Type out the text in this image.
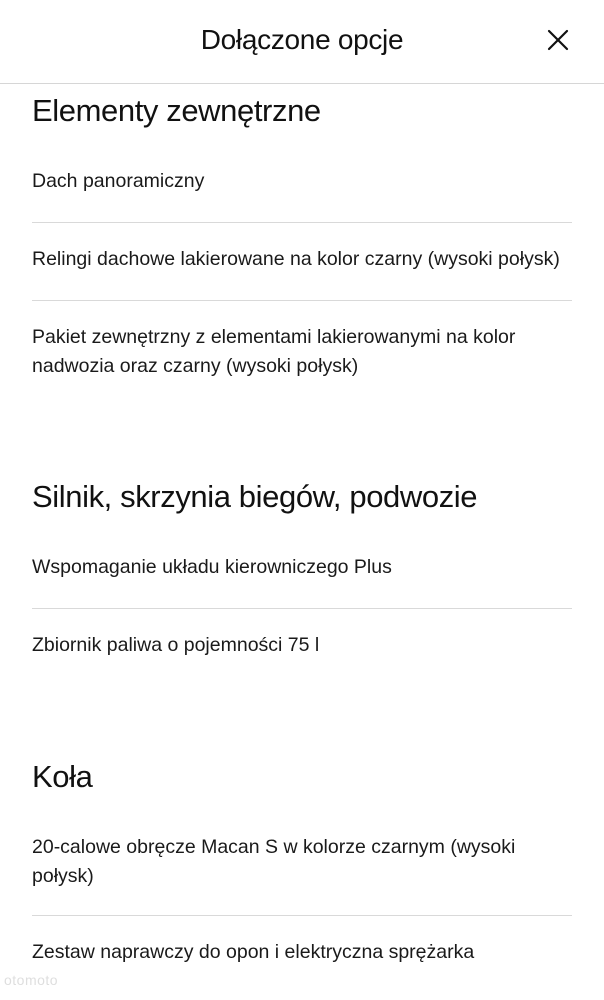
Dołączone opcje
Elementy zewnętrzne
Dach panoramiczny
Relingi dachowe lakierowane na kolor czarny (wysoki połysk)
Pakiet zewnętrzny z elementami lakierowanymi na kolor nadwozia oraz czarny (wysoki połysk)
Silnik, skrzynia biegów, podwozie
Wspomaganie układu kierowniczego Plus
Zbiornik paliwa o pojemności 75 l
Koła
20-calowe obręcze Macan S w kolorze czarnym (wysoki połysk)
Zestaw naprawczy do opon i elektryczna sprężarka
otomoto
